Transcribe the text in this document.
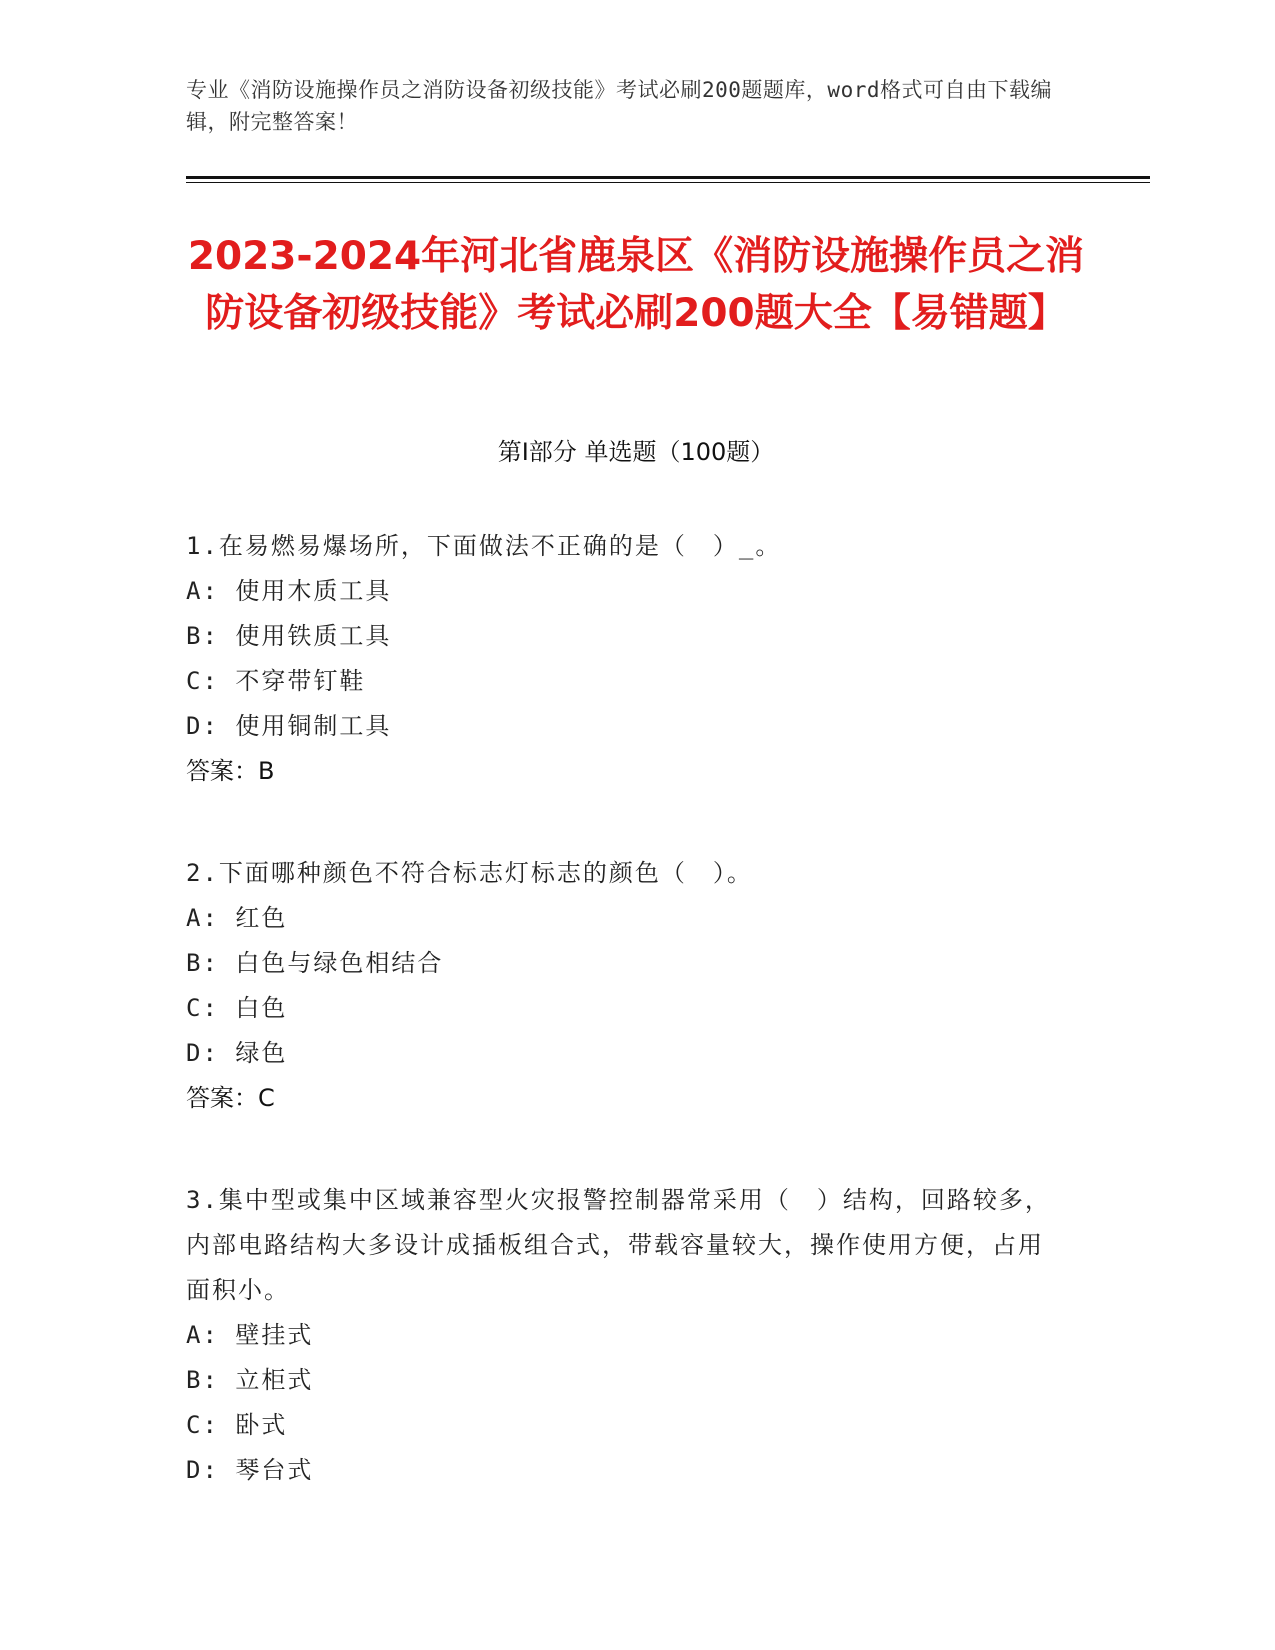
专业《消防设施操作员之消防设备初级技能》考试必刷200题题库，word格式可自由下载编辑，附完整答案！
2023-2024年河北省鹿泉区《消防设施操作员之消防设备初级技能》考试必刷200题大全【易错题】
第Ⅰ部分 单选题（100题）
1.在易燃易爆场所，下面做法不正确的是（　）_。
A: 使用木质工具
B: 使用铁质工具
C: 不穿带钉鞋
D: 使用铜制工具
答案：B
2.下面哪种颜色不符合标志灯标志的颜色（　）。
A: 红色
B: 白色与绿色相结合
C: 白色
D: 绿色
答案：C
3.集中型或集中区域兼容型火灾报警控制器常采用（　）结构，回路较多，内部电路结构大多设计成插板组合式，带载容量较大，操作使用方便，占用面积小。
A: 壁挂式
B: 立柜式
C: 卧式
D: 琴台式
